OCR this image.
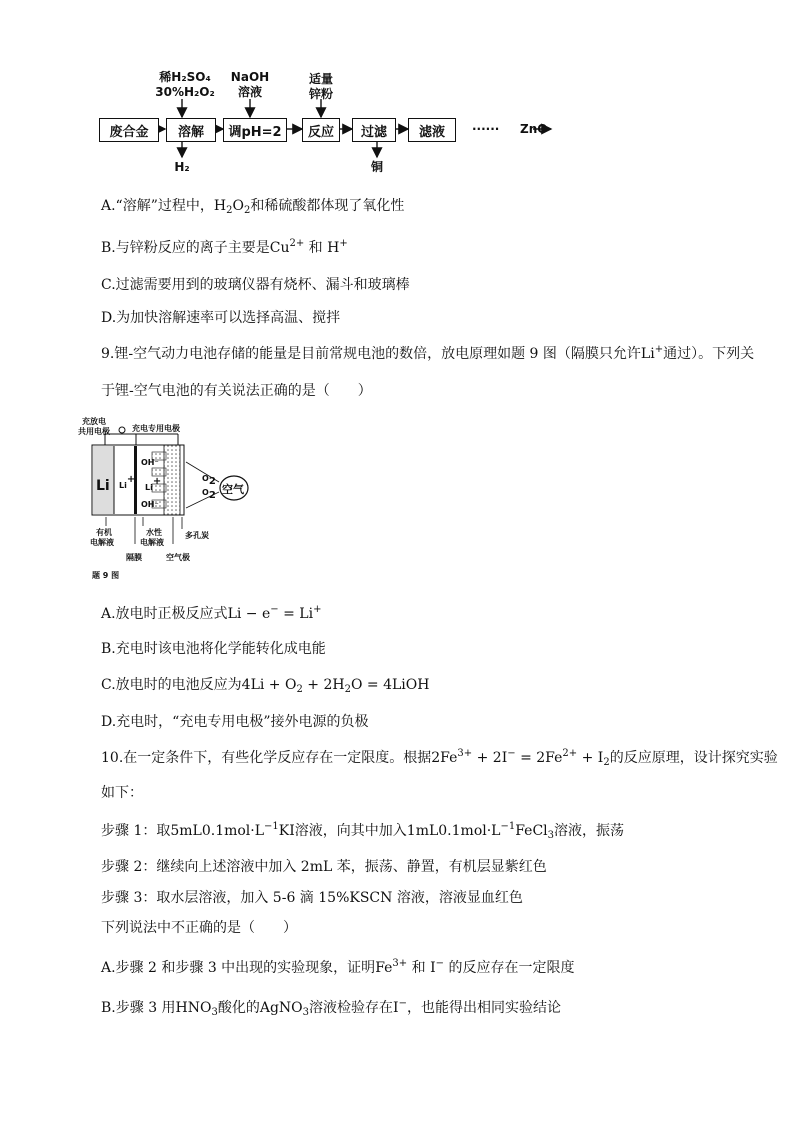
废合金	溶解	调pH=2	反应	过滤	滤液	······ ZnO
稀H₂SO₄
30%H₂O₂
NaOH
溶液
适量
锌粉
H₂	铜
A.“溶解”过程中，$H_2O_2$和稀硫酸都体现了氧化性
B.与锌粉反应的离子主要是$Cu^{2+}$ 和 H+
C.过滤需要用到的玻璃仪器有烧杯、漏斗和玻璃棒
D.为加快溶解速率可以选择高温、搅拌
9.锂-空气动力电池存储的能量是目前常规电池的数倍，放电原理如题 9 图（隔膜只允许Li+通过）。下列关
于锂-空气电池的有关说法正确的是（　　）
充放电
共用电极	充电专用电极
Li Li+
Li+
OH⁻
OH⁻
$O_2$
$O_2$ 空气
有机
电解液
水性
电解液
多孔炭
隔膜	空气极
题 9 图
A.放电时正极反应式Li − e− = Li+
B.充电时该电池将化学能转化成电能
C.放电时的电池反应为$4Li + O_2 + 2H_2O$ = 4LiOH
D.充电时，“充电专用电极”接外电源的负极
10.在一定条件下，有些化学反应存在一定限度。根据$2Fe^{3+} + 2I^- = 2Fe^{2+} + I_2$的反应原理，设计探究实验
如下：
步骤 1：取$5mL0.1mol\cdot L^{-1}KI$溶液，向其中加入$1mL0.1mol\cdot L^{-1}FeCl_3$溶液，振荡
步骤 2：继续向上述溶液中加入 2mL 苯，振荡、静置，有机层显紫红色
步骤 3：取水层溶液，加入 5-6 滴 15%KSCN 溶液，溶液显血红色
下列说法中不正确的是（　　）
A.步骤 2 和步骤 3 中出现的实验现象，证明$Fe^{3+}$ 和 I− 的反应存在一定限度
B.步骤 3 用$HNO_3$酸化的AgNO$_3$溶液检验存在I−，也能得出相同实验结论
